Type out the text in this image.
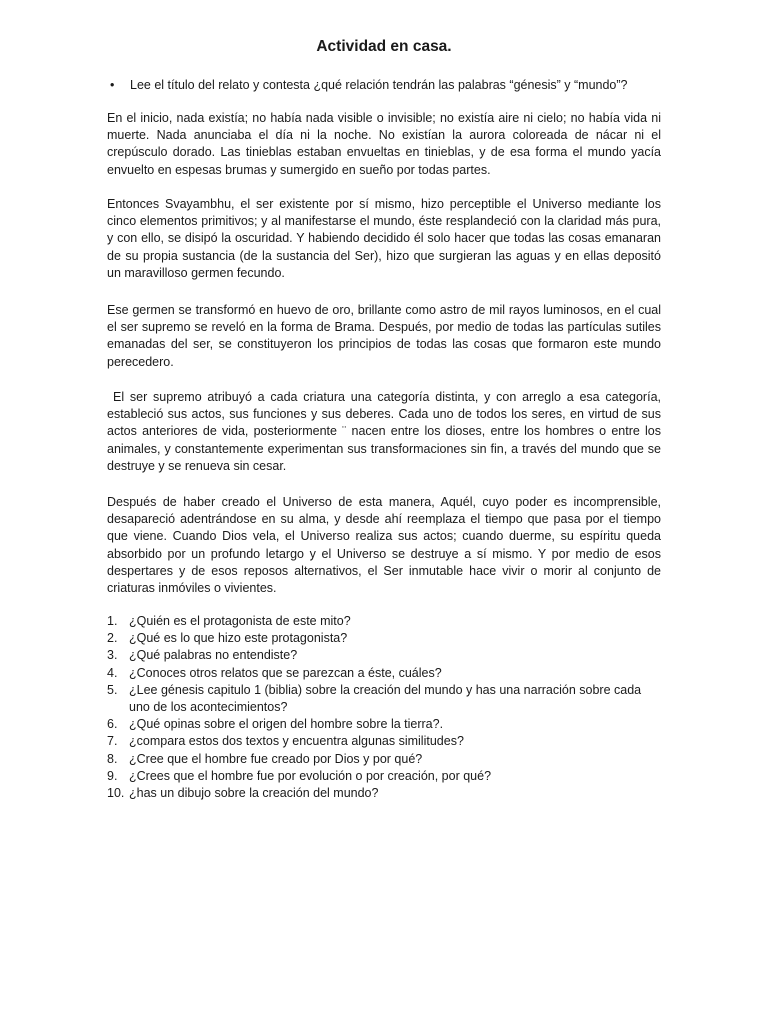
Actividad en casa.
• Lee el título del relato y contesta ¿qué relación tendrán las palabras “génesis” y “mundo”?

En el inicio, nada existía; no había nada visible o invisible; no existía aire ni cielo; no había vida ni muerte. Nada anunciaba el día ni la noche. No existían la aurora coloreada de nácar ni el crepúsculo dorado. Las tinieblas estaban envueltas en tinieblas, y de esa forma el mundo yacía envuelto en espesas brumas y sumergido en sueño por todas partes.

Entonces Svayambhu, el ser existente por sí mismo, hizo perceptible el Universo mediante los cinco elementos primitivos; y al manifestarse el mundo, éste resplandeció con la claridad más pura, y con ello, se disipó la oscuridad. Y habiendo decidido él solo hacer que todas las cosas emanaran de su propia sustancia (de la sustancia del Ser), hizo que surgieran las aguas y en ellas depositó un maravilloso germen fecundo.

Ese germen se transformó en huevo de oro, brillante como astro de mil rayos luminosos, en el cual el ser supremo se reveló en la forma de Brama. Después, por medio de todas las partículas sutiles emanadas del ser, se constituyeron los principios de todas las cosas que formaron este mundo perecedero.

El ser supremo atribuyó a cada criatura una categoría distinta, y con arreglo a esa categoría, estableció sus actos, sus funciones y sus deberes. Cada uno de todos los seres, en virtud de sus actos anteriores de vida, posteriormente ¨ nacen entre los dioses, entre los hombres o entre los animales, y constantemente experimentan sus transformaciones sin fin, a través del mundo que se destruye y se renueva sin cesar.

Después de haber creado el Universo de esta manera, Aquél, cuyo poder es incomprensible, desapareció adentrándose en su alma, y desde ahí reemplaza el tiempo que pasa por el tiempo que viene. Cuando Dios vela, el Universo realiza sus actos; cuando duerme, su espíritu queda absorbido por un profundo letargo y el Universo se destruye a sí mismo. Y por medio de esos despertares y de esos reposos alternativos, el Ser inmutable hace vivir o morir al conjunto de criaturas inmóviles o vivientes.

1. ¿Quién es el protagonista de este mito?
2. ¿Qué es lo que hizo este protagonista?
3. ¿Qué palabras no entendiste?
4. ¿Conoces otros relatos que se parezcan a éste, cuáles?
5. ¿Lee génesis capitulo 1 (biblia) sobre la creación del mundo y has una narración sobre cada uno de los acontecimientos?
6. ¿Qué opinas sobre el origen del hombre sobre la tierra?.
7. ¿compara estos dos textos y encuentra algunas similitudes?
8. ¿Cree que el hombre fue creado por Dios y por qué?
9. ¿Crees que el hombre fue por evolución o por creación, por qué?
10. ¿has un dibujo sobre la creación del mundo?
